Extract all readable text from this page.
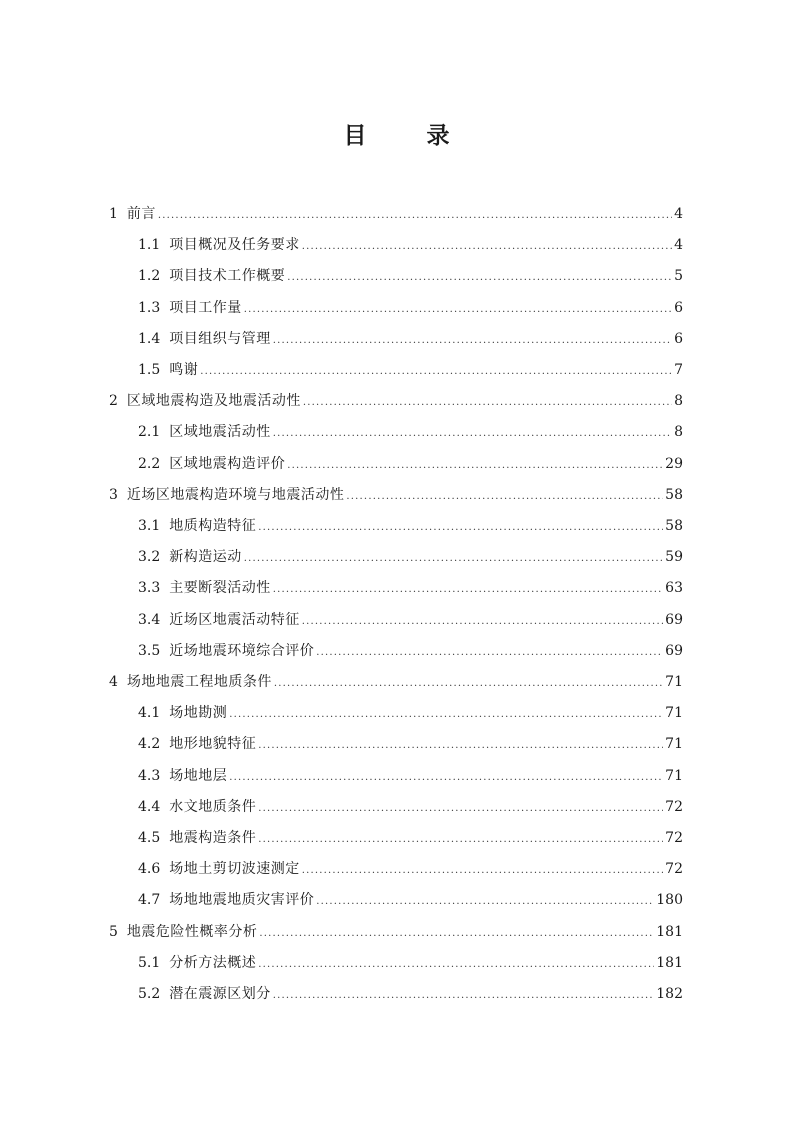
目 录
1 前言 .....	4
1.1 项目概况及任务要求 .....	4
1.2 项目技术工作概要 .....	5
1.3 项目工作量 .....	6
1.4 项目组织与管理 .....	6
1.5 鸣谢 .....	7
2 区域地震构造及地震活动性 .....	8
2.1 区域地震活动性 .....	8
2.2 区域地震构造评价 .....	29
3 近场区地震构造环境与地震活动性 .....	58
3.1 地质构造特征 .....	58
3.2 新构造运动 .....	59
3.3 主要断裂活动性 .....	63
3.4 近场区地震活动特征 .....	69
3.5 近场地震环境综合评价 .....	69
4 场地地震工程地质条件 .....	71
4.1 场地勘测 .....	71
4.2 地形地貌特征 .....	71
4.3 场地地层 .....	71
4.4 水文地质条件 .....	72
4.5 地震构造条件 .....	72
4.6 场地土剪切波速测定 .....	72
4.7 场地地震地质灾害评价 .....	180
5 地震危险性概率分析 .....	181
5.1 分析方法概述 .....	181
5.2 潜在震源区划分 .....	182
